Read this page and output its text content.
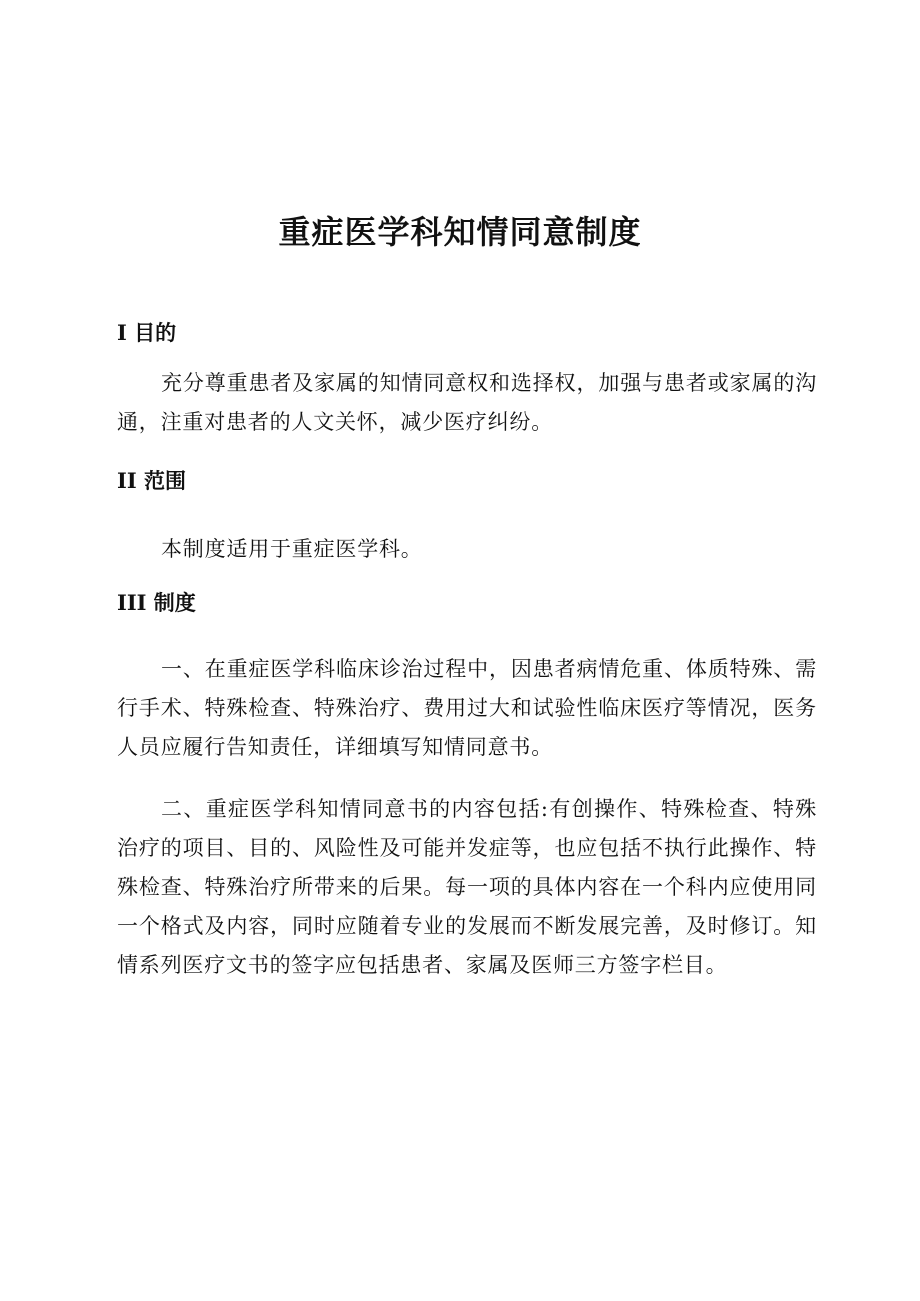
重症医学科知情同意制度
I 目的

充分尊重患者及家属的知情同意权和选择权，加强与患者或家属的沟通，注重对患者的人文关怀，减少医疗纠纷。

II 范围

本制度适用于重症医学科。

III 制度

一、在重症医学科临床诊治过程中，因患者病情危重、体质特殊、需行手术、特殊检查、特殊治疗、费用过大和试验性临床医疗等情况，医务人员应履行告知责任，详细填写知情同意书。

二、重症医学科知情同意书的内容包括:有创操作、特殊检查、特殊治疗的项目、目的、风险性及可能并发症等，也应包括不执行此操作、特殊检查、特殊治疗所带来的后果。每一项的具体内容在一个科内应使用同一个格式及内容，同时应随着专业的发展而不断发展完善，及时修订。知情系列医疗文书的签字应包括患者、家属及医师三方签字栏目。
